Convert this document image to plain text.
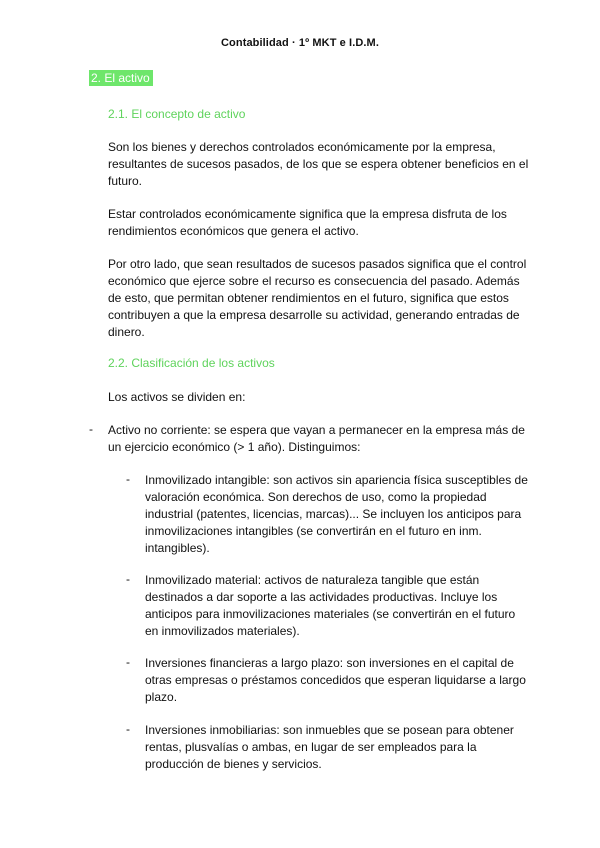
Contabilidad · 1º MKT e I.D.M.
2. El activo
2.1. El concepto de activo
Son los bienes y derechos controlados económicamente por la empresa, resultantes de sucesos pasados, de los que se espera obtener beneficios en el futuro.
Estar controlados económicamente significa que la empresa disfruta de los rendimientos económicos que genera el activo.
Por otro lado, que sean resultados de sucesos pasados significa que el control económico que ejerce sobre el recurso es consecuencia del pasado. Además de esto, que permitan obtener rendimientos en el futuro, significa que estos contribuyen a que la empresa desarrolle su actividad, generando entradas de dinero.
2.2. Clasificación de los activos
Los activos se dividen en:
- Activo no corriente: se espera que vayan a permanecer en la empresa más de un ejercicio económico (> 1 año). Distinguimos:
- Inmovilizado intangible: son activos sin apariencia física susceptibles de valoración económica. Son derechos de uso, como la propiedad industrial (patentes, licencias, marcas)... Se incluyen los anticipos para inmovilizaciones intangibles (se convertirán en el futuro en inm. intangibles).
- Inmovilizado material: activos de naturaleza tangible que están destinados a dar soporte a las actividades productivas. Incluye los anticipos para inmovilizaciones materiales (se convertirán en el futuro en inmovilizados materiales).
- Inversiones financieras a largo plazo: son inversiones en el capital de otras empresas o préstamos concedidos que esperan liquidarse a largo plazo.
- Inversiones inmobiliarias: son inmuebles que se posean para obtener rentas, plusvalías o ambas, en lugar de ser empleados para la producción de bienes y servicios.
